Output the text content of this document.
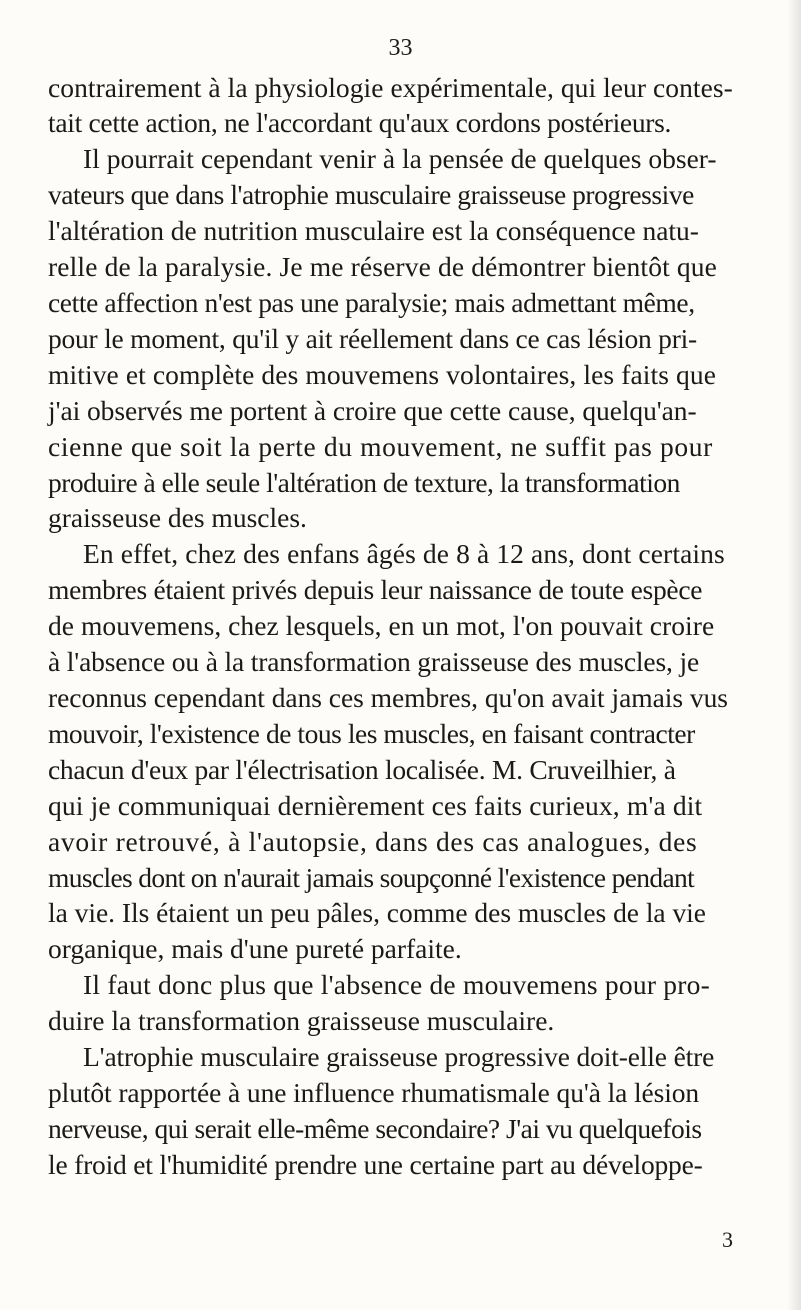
33
contrairement à la physiologie expérimentale, qui leur contes-
tait cette action, ne l'accordant qu'aux cordons postérieurs.
Il pourrait cependant venir à la pensée de quelques obser-
vateurs que dans l'atrophie musculaire graisseuse progressive
l'altération de nutrition musculaire est la conséquence natu-
relle de la paralysie. Je me réserve de démontrer bientôt que
cette affection n'est pas une paralysie; mais admettant même,
pour le moment, qu'il y ait réellement dans ce cas lésion pri-
mitive et complète des mouvemens volontaires, les faits que
j'ai observés me portent à croire que cette cause, quelqu'an-
cienne que soit la perte du mouvement, ne suffit pas pour
produire à elle seule l'altération de texture, la transformation
graisseuse des muscles.
En effet, chez des enfans âgés de 8 à 12 ans, dont certains
membres étaient privés depuis leur naissance de toute espèce
de mouvemens, chez lesquels, en un mot, l'on pouvait croire
à l'absence ou à la transformation graisseuse des muscles, je
reconnus cependant dans ces membres, qu'on avait jamais vus
mouvoir, l'existence de tous les muscles, en faisant contracter
chacun d'eux par l'électrisation localisée. M. Cruveilhier, à
qui je communiquai dernièrement ces faits curieux, m'a dit
avoir retrouvé, à l'autopsie, dans des cas analogues, des
muscles dont on n'aurait jamais soupçonné l'existence pendant
la vie. Ils étaient un peu pâles, comme des muscles de la vie
organique, mais d'une pureté parfaite.
Il faut donc plus que l'absence de mouvemens pour pro-
duire la transformation graisseuse musculaire.
L'atrophie musculaire graisseuse progressive doit-elle être
plutôt rapportée à une influence rhumatismale qu'à la lésion
nerveuse, qui serait elle-même secondaire? J'ai vu quelquefois
le froid et l'humidité prendre une certaine part au développe-
3
